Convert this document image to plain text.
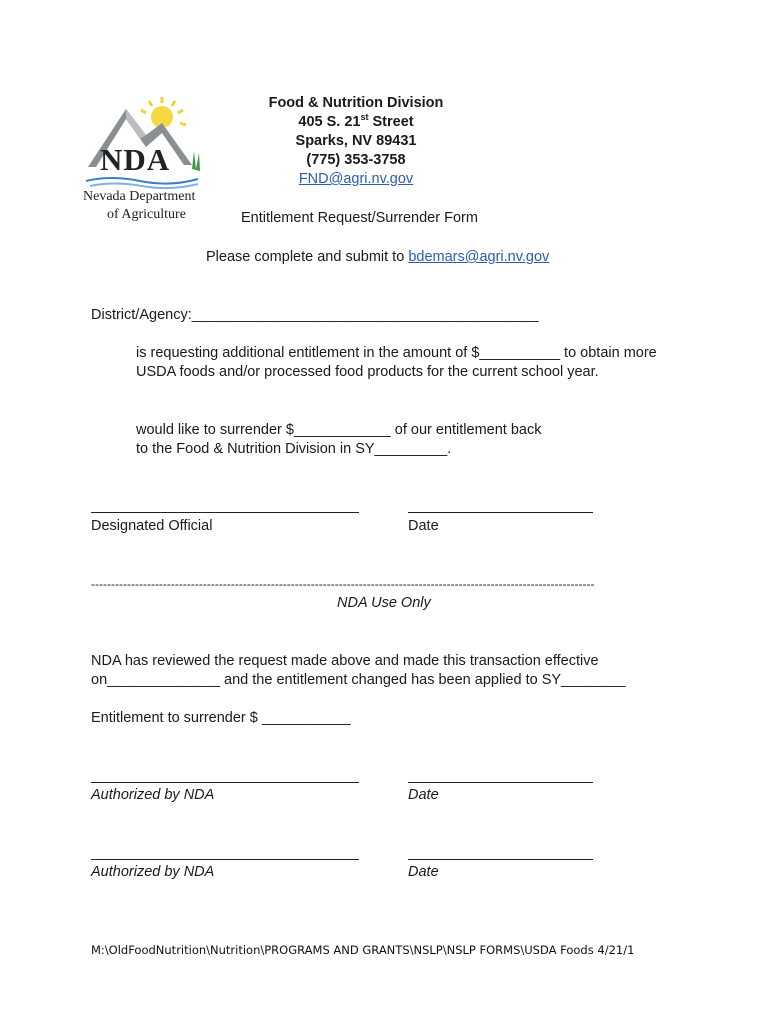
NDA
Nevada Department
of Agriculture
Food & Nutrition Division
405 S. 21st Street
Sparks, NV 89431
(775) 353-3758
FND@agri.nv.gov
Entitlement Request/Surrender Form
Please complete and submit to bdemars@agri.nv.gov
District/Agency:___________________________________________
is requesting additional entitlement in the amount of $__________ to obtain more
USDA foods and/or processed food products for the current school year.
would like to surrender $____________ of our entitlement back
to the Food & Nutrition Division in SY_________.
Designated Official	Date
------------------------------------------------------------------------------------------------------------------------------
NDA Use Only
NDA has reviewed the request made above and made this transaction effective
on______________ and the entitlement changed has been applied to SY________
Entitlement to surrender $ ___________
Authorized by NDA	Date
Authorized by NDA	Date
M:\OldFoodNutrition\Nutrition\PROGRAMS AND GRANTS\NSLP\NSLP FORMS\USDA Foods 4/21/1
